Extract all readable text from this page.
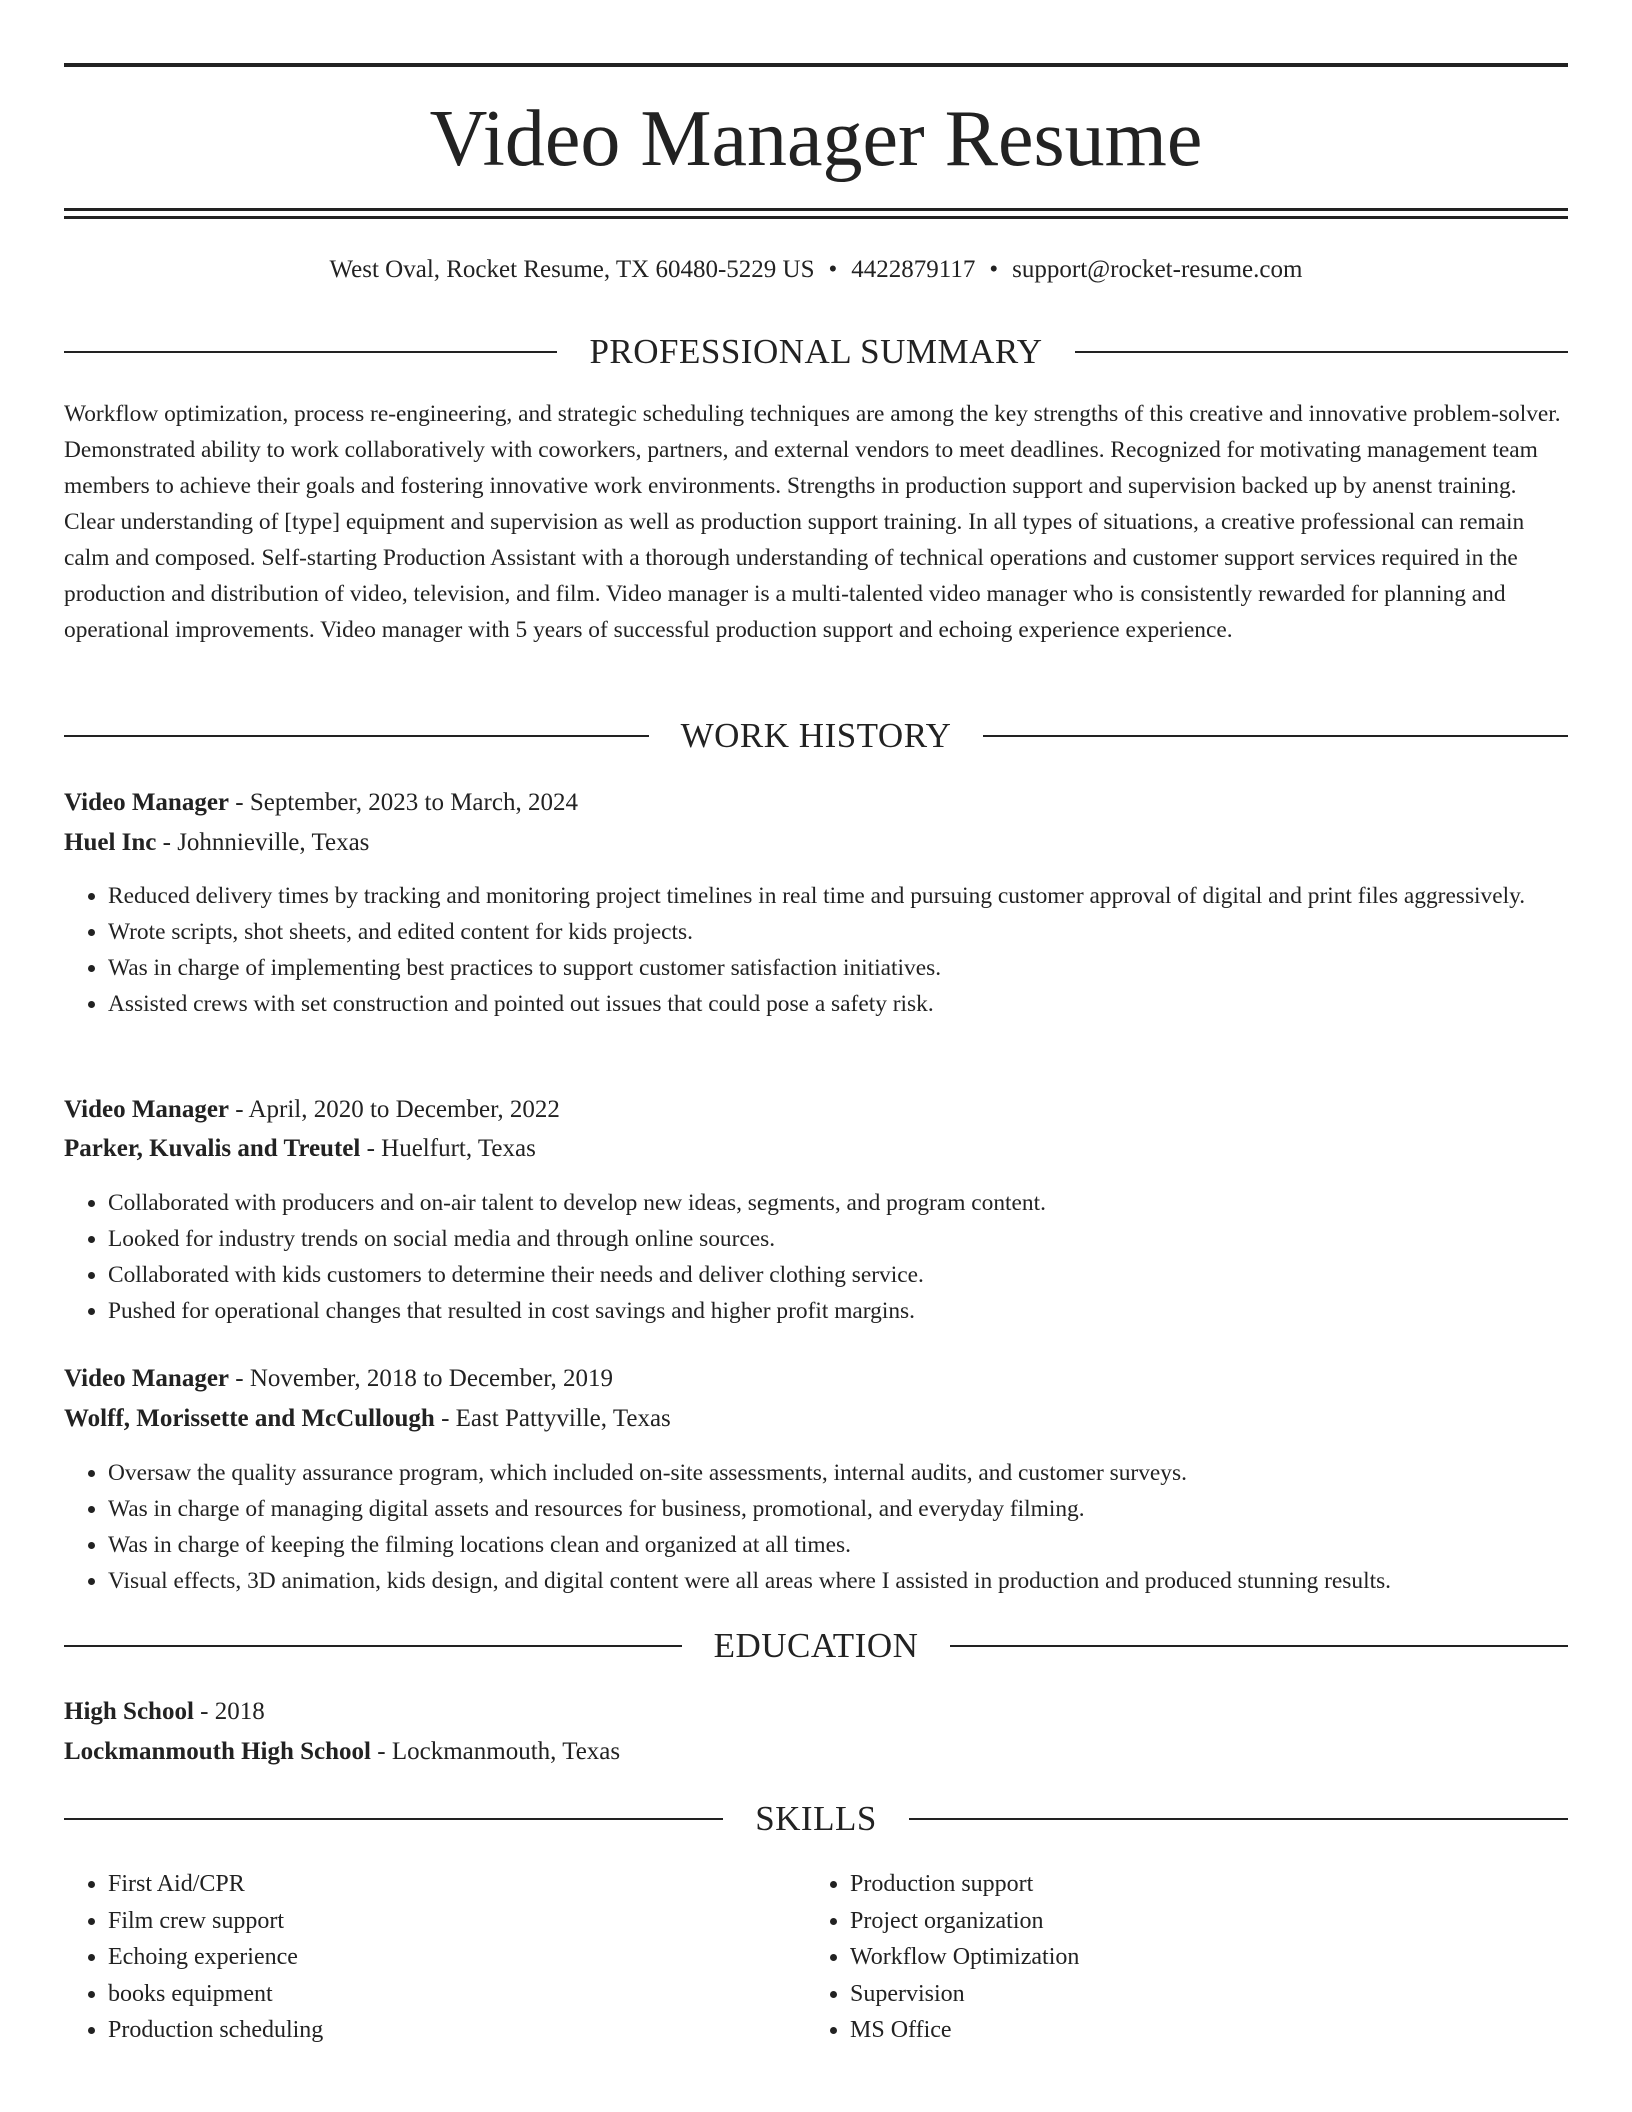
Video Manager Resume
West Oval, Rocket Resume, TX 60480-5229 US • 4422879117 • support@rocket-resume.com
PROFESSIONAL SUMMARY

Workflow optimization, process re-engineering, and strategic scheduling techniques are among the key strengths of this creative and innovative problem-solver. Demonstrated ability to work collaboratively with coworkers, partners, and external vendors to meet deadlines. Recognized for motivating management team members to achieve their goals and fostering innovative work environments. Strengths in production support and supervision backed up by anenst training. Clear understanding of [type] equipment and supervision as well as production support training. In all types of situations, a creative professional can remain calm and composed. Self-starting Production Assistant with a thorough understanding of technical operations and customer support services required in the production and distribution of video, television, and film. Video manager is a multi-talented video manager who is consistently rewarded for planning and operational improvements. Video manager with 5 years of successful production support and echoing experience experience.

WORK HISTORY
Video Manager - September, 2023 to March, 2024
Huel Inc - Johnnieville, Texas
• Reduced delivery times by tracking and monitoring project timelines in real time and pursuing customer approval of digital and print files aggressively.
• Wrote scripts, shot sheets, and edited content for kids projects.
• Was in charge of implementing best practices to support customer satisfaction initiatives.
• Assisted crews with set construction and pointed out issues that could pose a safety risk.
Video Manager - April, 2020 to December, 2022
Parker, Kuvalis and Treutel - Huelfurt, Texas
• Collaborated with producers and on-air talent to develop new ideas, segments, and program content.
• Looked for industry trends on social media and through online sources.
• Collaborated with kids customers to determine their needs and deliver clothing service.
• Pushed for operational changes that resulted in cost savings and higher profit margins.
Video Manager - November, 2018 to December, 2019
Wolff, Morissette and McCullough - East Pattyville, Texas
• Oversaw the quality assurance program, which included on-site assessments, internal audits, and customer surveys.
• Was in charge of managing digital assets and resources for business, promotional, and everyday filming.
• Was in charge of keeping the filming locations clean and organized at all times.
• Visual effects, 3D animation, kids design, and digital content were all areas where I assisted in production and produced stunning results.
EDUCATION
High School - 2018
Lockmanmouth High School - Lockmanmouth, Texas
SKILLS
• First Aid/CPR
• Film crew support
• Echoing experience
• books equipment
• Production scheduling
• Production support
• Project organization
• Workflow Optimization
• Supervision
• MS Office
